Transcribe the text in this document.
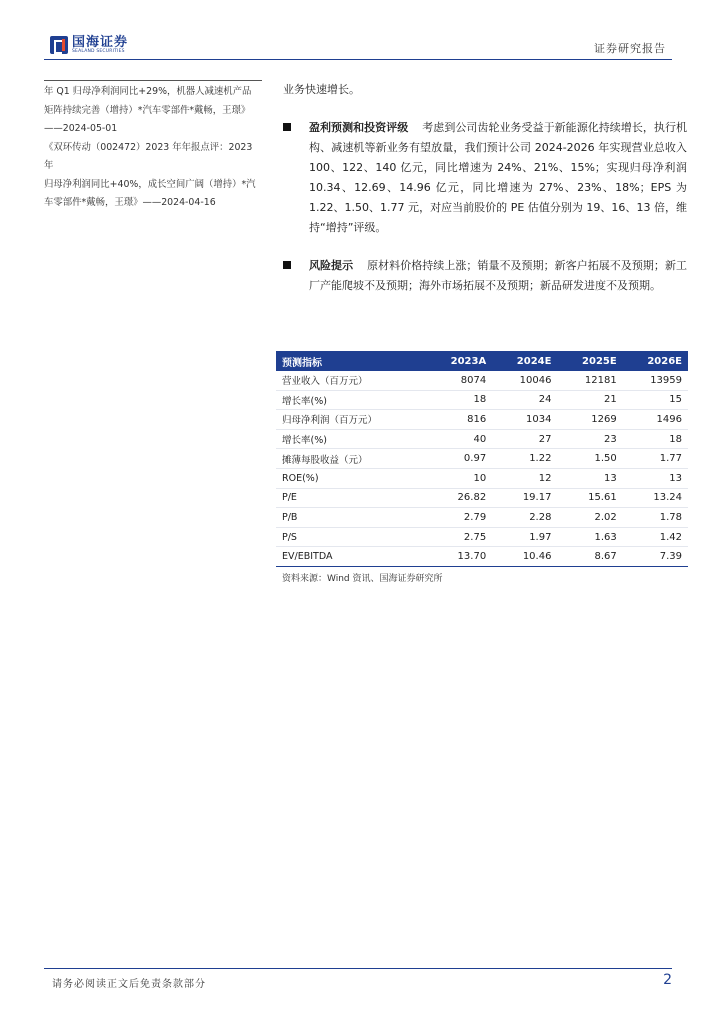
国海证券
SEALAND SECURITIES	证券研究报告
年 Q1 归母净利润同比+29%，机器人减速机产品
矩阵持续完善（增持）*汽车零部件*戴畅，王璟》
——2024-05-01
《双环传动（002472）2023 年年报点评：2023 年
归母净利润同比+40%，成长空间广阔（增持）*汽
车零部件*戴畅，王璟》——2024-04-16

业务快速增长。

盈利预测和投资评级 考虑到公司齿轮业务受益于新能源化持续增长，执行机构、减速机等新业务有望放量，我们预计公司 2024-2026 年实现营业总收入 100、122、140 亿元，同比增速为 24%、21%、15%；实现归母净利润 10.34、12.69、14.96 亿元，同比增速为 27%、23%、18%；EPS 为 1.22、1.50、1.77 元，对应当前股价的 PE 估值分别为 19、16、13 倍，维持“增持”评级。

风险提示 原材料价格持续上涨；销量不及预期；新客户拓展不及预期；新工厂产能爬坡不及预期；海外市场拓展不及预期；新品研发进度不及预期。

预测指标	2023A	2024E	2025E	2026E
营业收入（百万元）	8074	10046	12181	13959
增长率(%)	18	24	21	15
归母净利润（百万元）	816	1034	1269	1496
增长率(%)	40	27	23	18
摊薄每股收益（元）	0.97	1.22	1.50	1.77
ROE(%)	10	12	13	13
P/E	26.82	19.17	15.61	13.24
P/B	2.79	2.28	2.02	1.78
P/S	2.75	1.97	1.63	1.42
EV/EBITDA	13.70	10.46	8.67	7.39
资料来源：Wind 资讯、国海证券研究所
请务必阅读正文后免责条款部分	2
